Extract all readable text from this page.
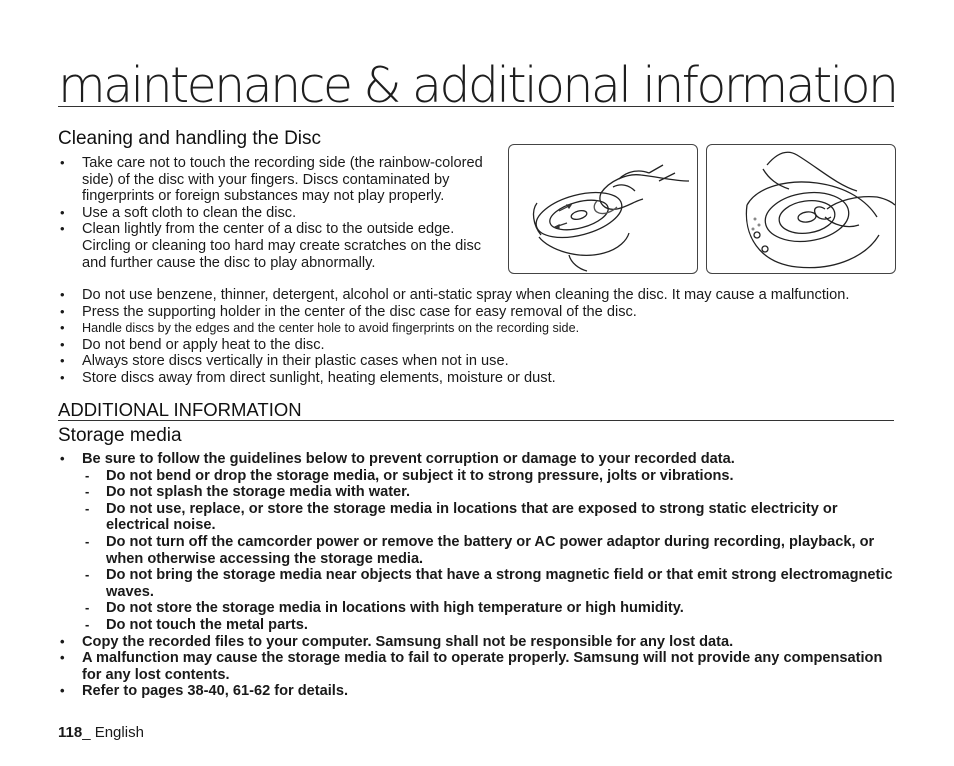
maintenance & additional information
Cleaning and handling the Disc
• Take care not to touch the recording side (the rainbow-colored side) of the disc with your fingers. Discs contaminated by fingerprints or foreign substances may not play properly.
• Use a soft cloth to clean the disc.
• Clean lightly from the center of a disc to the outside edge. Circling or cleaning too hard may create scratches on the disc and further cause the disc to play abnormally.
• Do not use benzene, thinner, detergent, alcohol or anti-static spray when cleaning the disc. It may cause a malfunction.
• Press the supporting holder in the center of the disc case for easy removal of the disc.
• Handle discs by the edges and the center hole to avoid fingerprints on the recording side.
• Do not bend or apply heat to the disc.
• Always store discs vertically in their plastic cases when not in use.
• Store discs away from direct sunlight, heating elements, moisture or dust.
ADDITIONAL INFORMATION
Storage media
• Be sure to follow the guidelines below to prevent corruption or damage to your recorded data.
- Do not bend or drop the storage media, or subject it to strong pressure, jolts or vibrations.
- Do not splash the storage media with water.
- Do not use, replace, or store the storage media in locations that are exposed to strong static electricity or electrical noise.
- Do not turn off the camcorder power or remove the battery or AC power adaptor during recording, playback, or when otherwise accessing the storage media.
- Do not bring the storage media near objects that have a strong magnetic field or that emit strong electromagnetic waves.
- Do not store the storage media in locations with high temperature or high humidity.
- Do not touch the metal parts.
• Copy the recorded files to your computer. Samsung shall not be responsible for any lost data.
• A malfunction may cause the storage media to fail to operate properly. Samsung will not provide any compensation for any lost contents.
• Refer to pages 38-40, 61-62 for details.
118_ English
